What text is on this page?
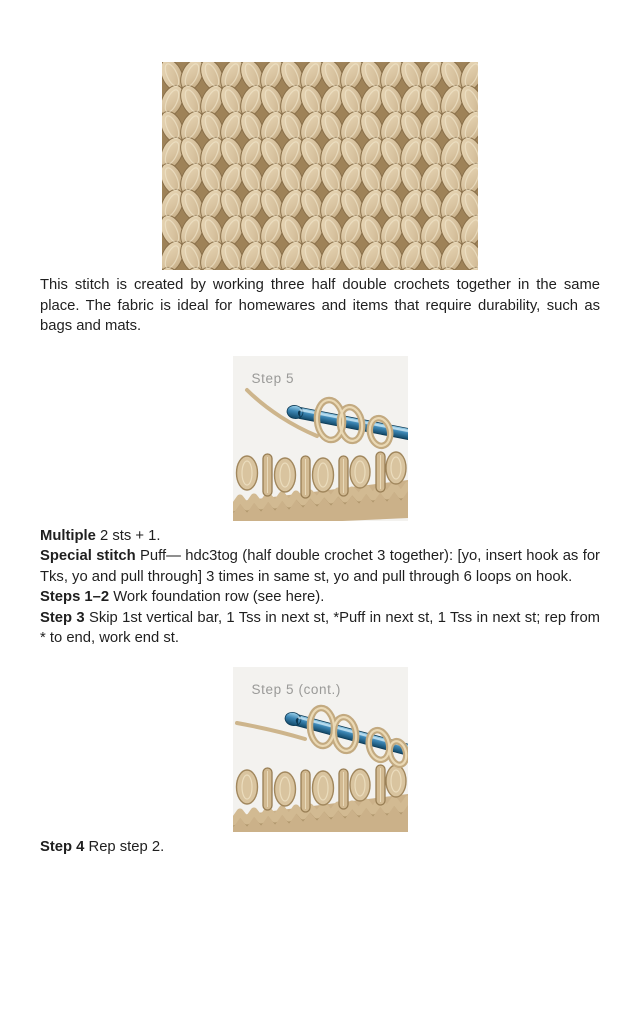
This stitch is created by working three half double crochets together in the same place. The fabric is ideal for homewares and items that require durability, such as bags and mats.

Step 5

Multiple 2 sts + 1.

Special stitch Puff— hdc3tog (half double crochet 3 together): [yo, insert hook as for Tks, yo and pull through] 3 times in same st, yo and pull through 6 loops on hook.

Steps 1–2 Work foundation row (see here).

Step 3 Skip 1st vertical bar, 1 Tss in next st, *Puff in next st, 1 Tss in next st; rep from * to end, work end st.

Step 5 (cont.)

Step 4 Rep step 2.
